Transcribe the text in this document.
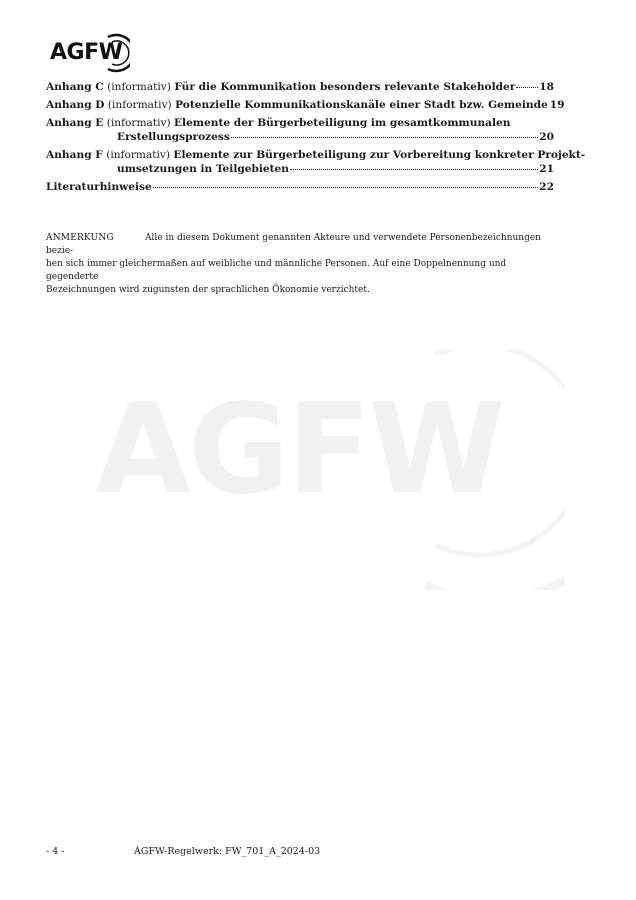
AGFW
AGFW
Anhang C (informativ) Für die Kommunikation besonders relevante Stakeholder 18
Anhang D (informativ) Potenzielle Kommunikationskanäle einer Stadt bzw. Gemeinde 19
Anhang E (informativ) Elemente der Bürgerbeteiligung im gesamtkommunalen
Erstellungsprozess	20
Anhang F (informativ) Elemente zur Bürgerbeteiligung zur Vorbereitung konkreter Projekt-
umsetzungen in Teilgebieten	21
Literaturhinweise	22
ANMERKUNG	Alle in diesem Dokument genannten Akteure und verwendete Personenbezeichnungen bezie-
hen sich immer gleichermaßen auf weibliche und männliche Personen. Auf eine Doppelnennung und gegenderte
Bezeichnungen wird zugunsten der sprachlichen Ökonomie verzichtet.
- 4 -	AGFW-Regelwerk: FW_701_A_2024-03
